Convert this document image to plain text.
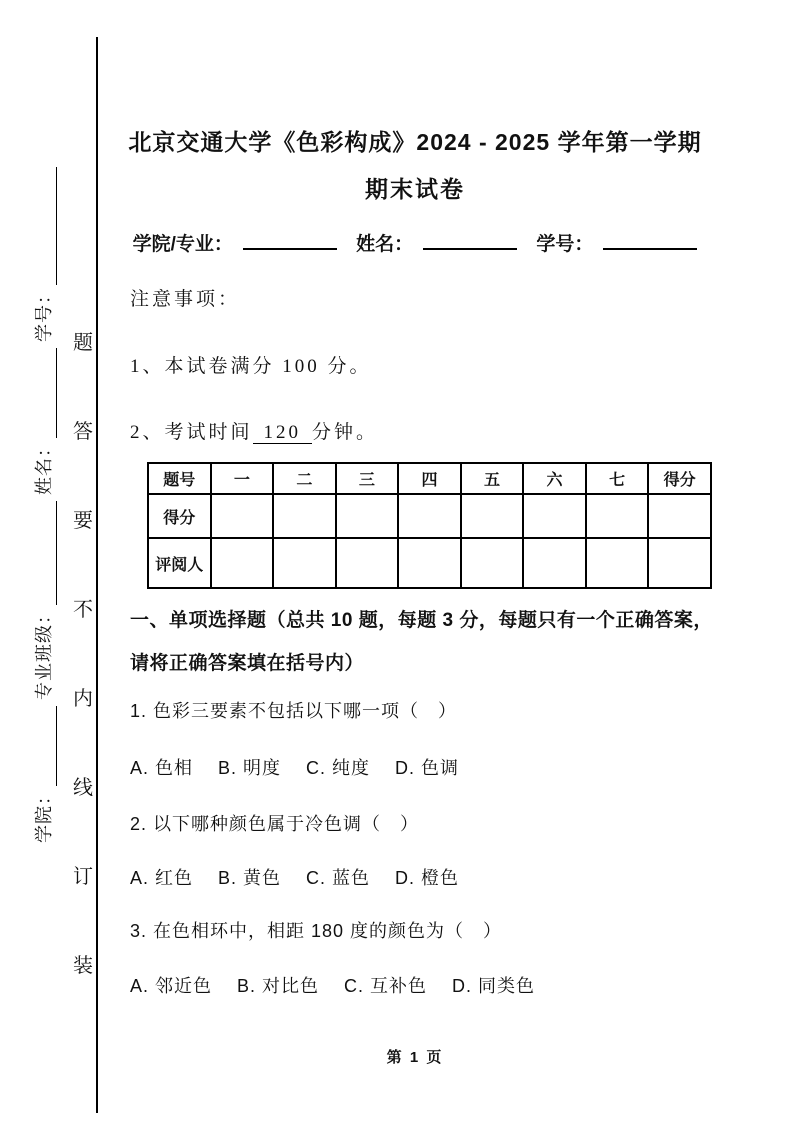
学院：
专业班级：
姓名：
学号：
题
答
要
不
内
线
订
装
北京交通大学《色彩构成》2024 - 2025 学年第一学期
期末试卷
学院/专业：	姓名：	学号：
注意事项：
1、本试卷满分 100 分。
2、考试时间 120 分钟。
题号	一	二	三	四	五	六	七	得分
得分								
评阅人								
一、单项选择题（总共 10 题，每题 3 分，每题只有一个正确答案，请将正确答案填在括号内）
1. 色彩三要素不包括以下哪一项（　）
A. 色相　 B. 明度　 C. 纯度　 D. 色调
2. 以下哪种颜色属于冷色调（　）
A. 红色　 B. 黄色　 C. 蓝色　 D. 橙色
3. 在色相环中，相距 180 度的颜色为（　）
A. 邻近色　 B. 对比色　 C. 互补色　 D. 同类色
第 1 页
